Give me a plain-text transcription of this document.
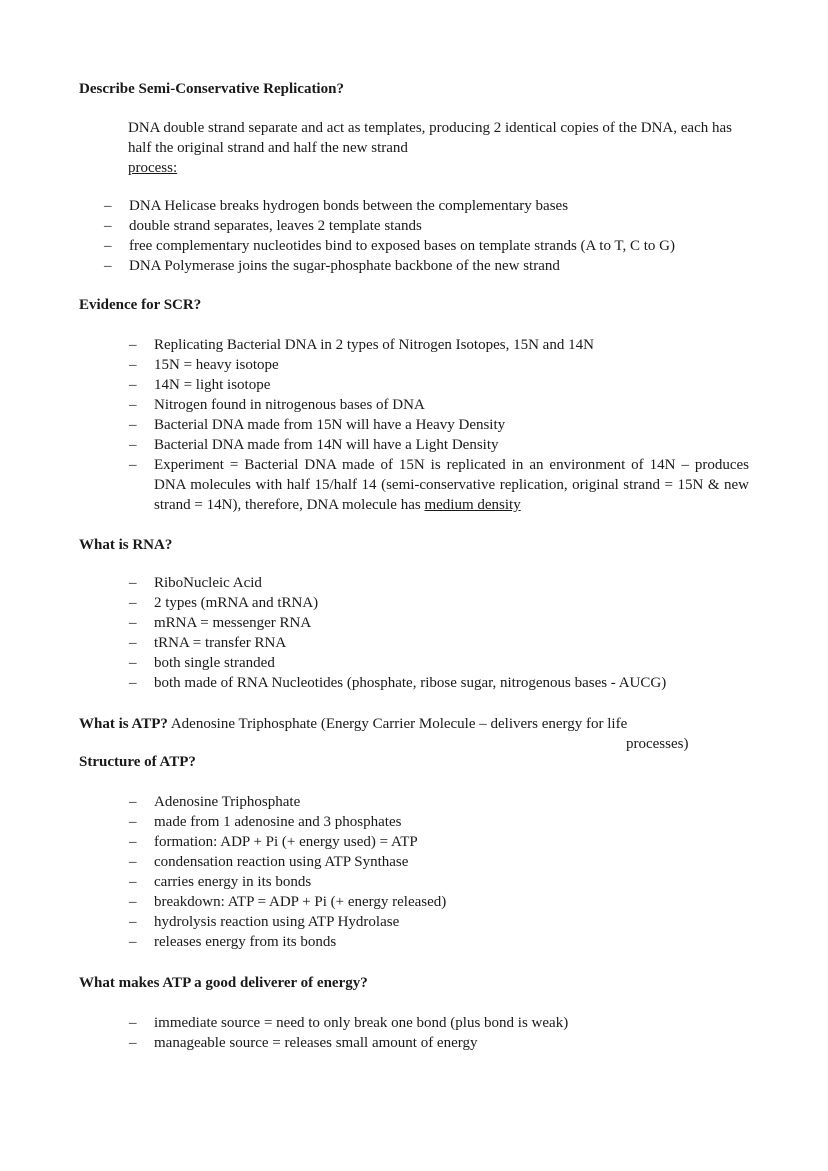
Describe Semi-Conservative Replication?

DNA double strand separate and act as templates, producing 2 identical copies of the DNA, each has half the original strand and half the new strand
process:

– DNA Helicase breaks hydrogen bonds between the complementary bases
– double strand separates, leaves 2 template stands
– free complementary nucleotides bind to exposed bases on template strands (A to T, C to G)
– DNA Polymerase joins the sugar-phosphate backbone of the new strand
Evidence for SCR?
– Replicating Bacterial DNA in 2 types of Nitrogen Isotopes, 15N and 14N
– 15N = heavy isotope
– 14N = light isotope
– Nitrogen found in nitrogenous bases of DNA
– Bacterial DNA made from 15N will have a Heavy Density
– Bacterial DNA made from 14N will have a Light Density
– Experiment = Bacterial DNA made of 15N is replicated in an environment of 14N – produces DNA molecules with half 15/half 14 (semi-conservative replication, original strand = 15N & new strand = 14N), therefore, DNA molecule has medium density
What is RNA?
– RiboNucleic Acid
– 2 types (mRNA and tRNA)
– mRNA = messenger RNA
– tRNA = transfer RNA
– both single stranded
– both made of RNA Nucleotides (phosphate, ribose sugar, nitrogenous bases - AUCG)

What is ATP? Adenosine Triphosphate (Energy Carrier Molecule – delivers energy for life

processes)

Structure of ATP?
– Adenosine Triphosphate
– made from 1 adenosine and 3 phosphates
– formation: ADP + Pi (+ energy used) = ATP
– condensation reaction using ATP Synthase
– carries energy in its bonds
– breakdown: ATP = ADP + Pi (+ energy released)
– hydrolysis reaction using ATP Hydrolase
– releases energy from its bonds
What makes ATP a good deliverer of energy?
– immediate source = need to only break one bond (plus bond is weak)
– manageable source = releases small amount of energy
